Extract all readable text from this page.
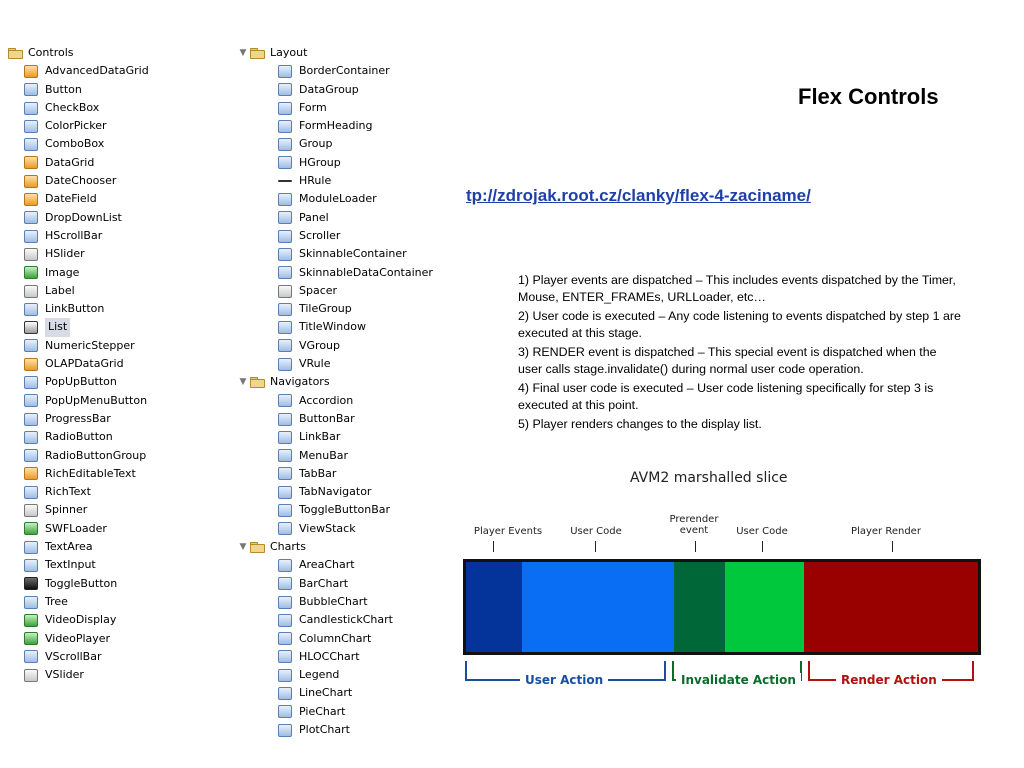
Controls
AdvancedDataGrid
Button
CheckBox
ColorPicker
ComboBox
DataGrid
DateChooser
DateField
DropDownList
HScrollBar
HSlider
Image
Label
LinkButton
List
NumericStepper
OLAPDataGrid
PopUpButton
PopUpMenuButton
ProgressBar
RadioButton
RadioButtonGroup
RichEditableText
RichText
Spinner
SWFLoader
TextArea
TextInput
ToggleButton
Tree
VideoDisplay
VideoPlayer
VScrollBar
VSlider
▼	Layout
BorderContainer
DataGroup
Form
FormHeading
Group
HGroup
HRule
ModuleLoader
Panel
Scroller
SkinnableContainer
SkinnableDataContainer
Spacer
TileGroup
TitleWindow
VGroup
VRule
▼	Navigators
Accordion
ButtonBar
LinkBar
MenuBar
TabBar
TabNavigator
ToggleButtonBar
ViewStack
▼	Charts
AreaChart
BarChart
BubbleChart
CandlestickChart
ColumnChart
HLOCChart
Legend
LineChart
PieChart
PlotChart
Flex Controls
tp://zdrojak.root.cz/clanky/flex-4-zaciname/

1) Player events are dispatched – This includes events dispatched by the Timer, Mouse, ENTER_FRAMEs, URLLoader, etc…

2) User code is executed – Any code listening to events dispatched by step 1 are executed at this stage.

3) RENDER event is dispatched – This special event is dispatched when the user calls stage.invalidate() during normal user code operation.

4) Final user code is executed – User code listening specifically for step 3 is executed at this point.

5) Player renders changes to the display list.

AVM2 marshalled slice
Player Events	User Code
Prerender event	User Code	Player Render
User Action	Invalidate Action	Render Action
